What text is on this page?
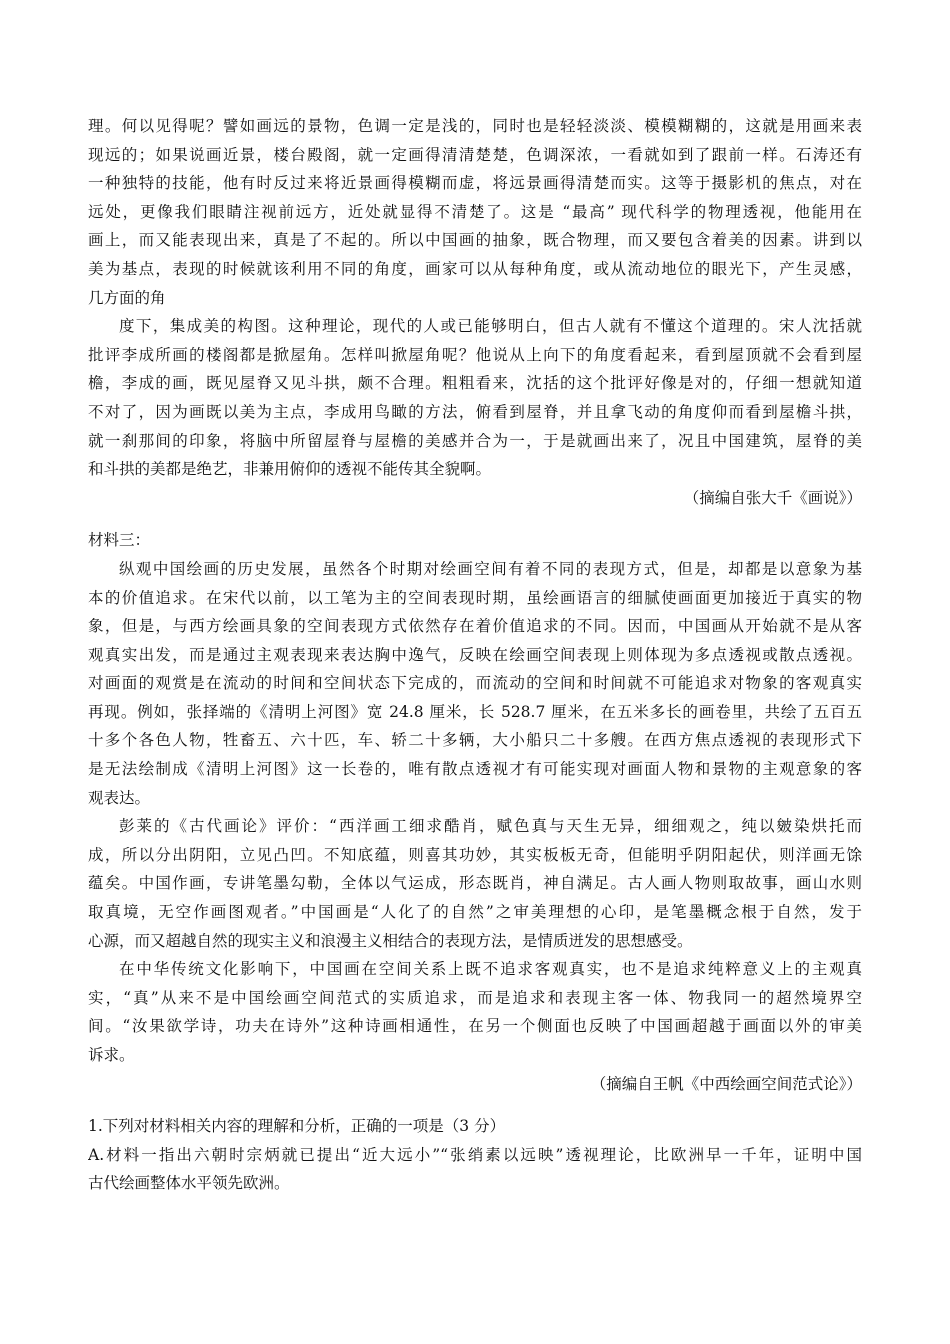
理。何以见得呢？譬如画远的景物，色调一定是浅的，同时也是轻轻淡淡、模模糊糊的，这就是用画来表
现远的；如果说画近景，楼台殿阁，就一定画得清清楚楚，色调深浓，一看就如到了跟前一样。石涛还有
一种独特的技能，他有时反过来将近景画得模糊而虚，将远景画得清楚而实。这等于摄影机的焦点，对在
远处，更像我们眼睛注视前远方，近处就显得不清楚了。这是 “最高” 现代科学的物理透视，他能用在
画上，而又能表现出来，真是了不起的。所以中国画的抽象，既合物理，而又要包含着美的因素。讲到以
美为基点，表现的时候就该利用不同的角度，画家可以从每种角度，或从流动地位的眼光下，产生灵感，
几方面的角
度下，集成美的构图。这种理论，现代的人或已能够明白，但古人就有不懂这个道理的。宋人沈括就
批评李成所画的楼阁都是掀屋角。怎样叫掀屋角呢？他说从上向下的角度看起来，看到屋顶就不会看到屋
檐，李成的画，既见屋脊又见斗拱，颇不合理。粗粗看来，沈括的这个批评好像是对的，仔细一想就知道
不对了，因为画既以美为主点，李成用鸟瞰的方法，俯看到屋脊，并且拿飞动的角度仰而看到屋檐斗拱，
就一刹那间的印象，将脑中所留屋脊与屋檐的美感并合为一，于是就画出来了，况且中国建筑，屋脊的美
和斗拱的美都是绝艺，非兼用俯仰的透视不能传其全貌啊。
（摘编自张大千《画说》）
材料三：
纵观中国绘画的历史发展，虽然各个时期对绘画空间有着不同的表现方式，但是，却都是以意象为基
本的价值追求。在宋代以前，以工笔为主的空间表现时期，虽绘画语言的细腻使画面更加接近于真实的物
象，但是，与西方绘画具象的空间表现方式依然存在着价值追求的不同。因而，中国画从开始就不是从客
观真实出发，而是通过主观表现来表达胸中逸气，反映在绘画空间表现上则体现为多点透视或散点透视。
对画面的观赏是在流动的时间和空间状态下完成的，而流动的空间和时间就不可能追求对物象的客观真实
再现。例如，张择端的《清明上河图》宽 24.8 厘米，长 528.7 厘米，在五米多长的画卷里，共绘了五百五
十多个各色人物，牲畜五、六十匹，车、轿二十多辆，大小船只二十多艘。在西方焦点透视的表现形式下
是无法绘制成《清明上河图》这一长卷的，唯有散点透视才有可能实现对画面人物和景物的主观意象的客
观表达。
彭莱的《古代画论》评价：“西洋画工细求酷肖，赋色真与天生无异，细细观之，纯以皴染烘托而
成，所以分出阴阳，立见凸凹。不知底蕴，则喜其功妙，其实板板无奇，但能明乎阴阳起伏，则洋画无馀
蕴矣。中国作画，专讲笔墨勾勒，全体以气运成，形态既肖，神自满足。古人画人物则取故事，画山水则
取真境，无空作画图观者。”中国画是“人化了的自然”之审美理想的心印，是笔墨概念根于自然，发于
心源，而又超越自然的现实主义和浪漫主义相结合的表现方法，是情质迸发的思想感受。
在中华传统文化影响下，中国画在空间关系上既不追求客观真实，也不是追求纯粹意义上的主观真
实，“真”从来不是中国绘画空间范式的实质追求，而是追求和表现主客一体、物我同一的超然境界空
间。“汝果欲学诗，功夫在诗外”这种诗画相通性，在另一个侧面也反映了中国画超越于画面以外的审美
诉求。
（摘编自王帆《中西绘画空间范式论》）
1.下列对材料相关内容的理解和分析，正确的一项是（3 分）
A.材料一指出六朝时宗炳就已提出“近大远小”“张绡素以远映”透视理论，比欧洲早一千年，证明中国
古代绘画整体水平领先欧洲。
